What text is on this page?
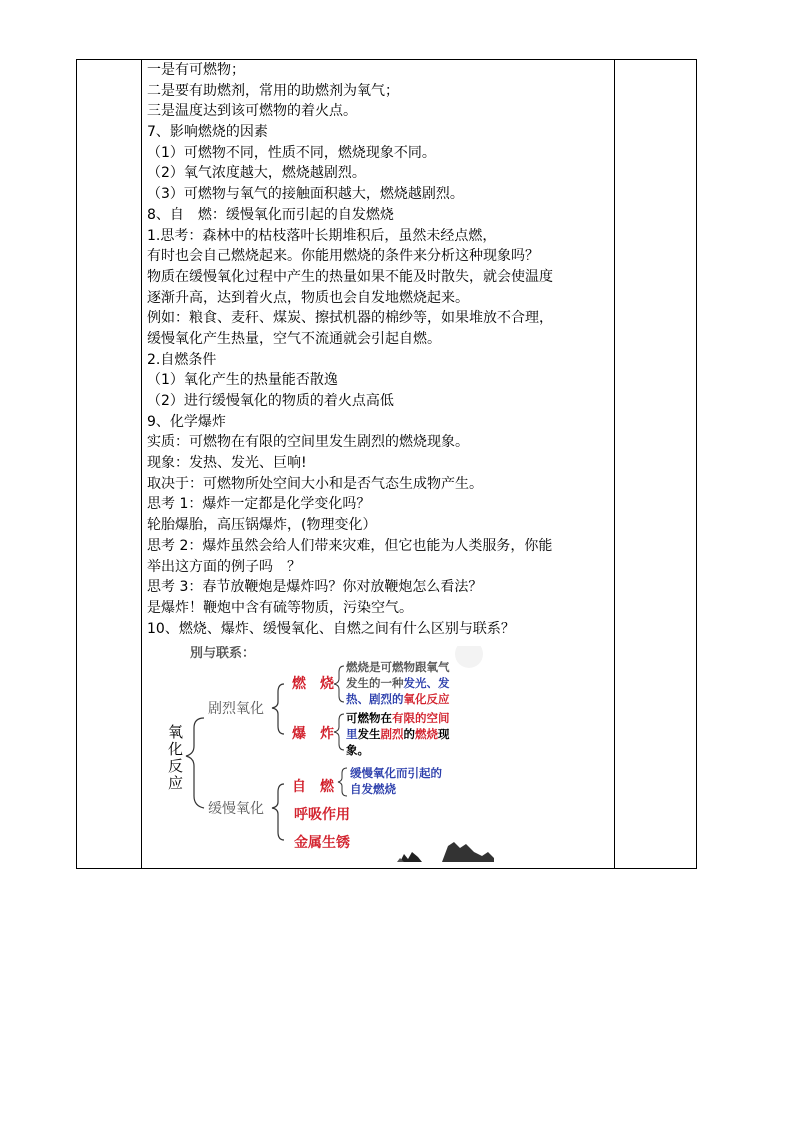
一是有可燃物；
二是要有助燃剂，常用的助燃剂为氧气；
三是温度达到该可燃物的着火点。
7、影响燃烧的因素
（1）可燃物不同，性质不同，燃烧现象不同。
（2）氧气浓度越大，燃烧越剧烈。
（3）可燃物与氧气的接触面积越大，燃烧越剧烈。
8、自　燃：缓慢氧化而引起的自发燃烧
1.思考：森林中的枯枝落叶长期堆积后，虽然未经点燃，
有时也会自己燃烧起来。你能用燃烧的条件来分析这种现象吗？
物质在缓慢氧化过程中产生的热量如果不能及时散失，就会使温度
逐渐升高，达到着火点，物质也会自发地燃烧起来。
例如：粮食、麦秆、煤炭、擦拭机器的棉纱等，如果堆放不合理，
缓慢氧化产生热量，空气不流通就会引起自燃。
2.自燃条件
（1）氧化产生的热量能否散逸
（2）进行缓慢氧化的物质的着火点高低
9、化学爆炸
实质：可燃物在有限的空间里发生剧烈的燃烧现象。
现象：发热、发光、巨响!
取决于：可燃物所处空间大小和是否气态生成物产生。
思考 1：爆炸一定都是化学变化吗？
轮胎爆胎，高压锅爆炸，(物理变化）
思考 2：爆炸虽然会给人们带来灾难，但它也能为人类服务，你能
举出这方面的例子吗　？
思考 3：春节放鞭炮是爆炸吗？你对放鞭炮怎么看法？
是爆炸！鞭炮中含有硫等物质，污染空气。
10、燃烧、爆炸、缓慢氧化、自燃之间有什么区别与联系？
別与联系：
氧
化
反
应
剧烈氧化
缓慢氧化
燃　烧
爆　炸
自　燃
呼吸作用
金属生锈
燃烧是可燃物跟氧气
发生的一种发光、发
热、剧烈的氧化反应
可燃物在有限的空间
里发生剧烈的燃烧现
象。
缓慢氧化而引起的
自发燃烧
